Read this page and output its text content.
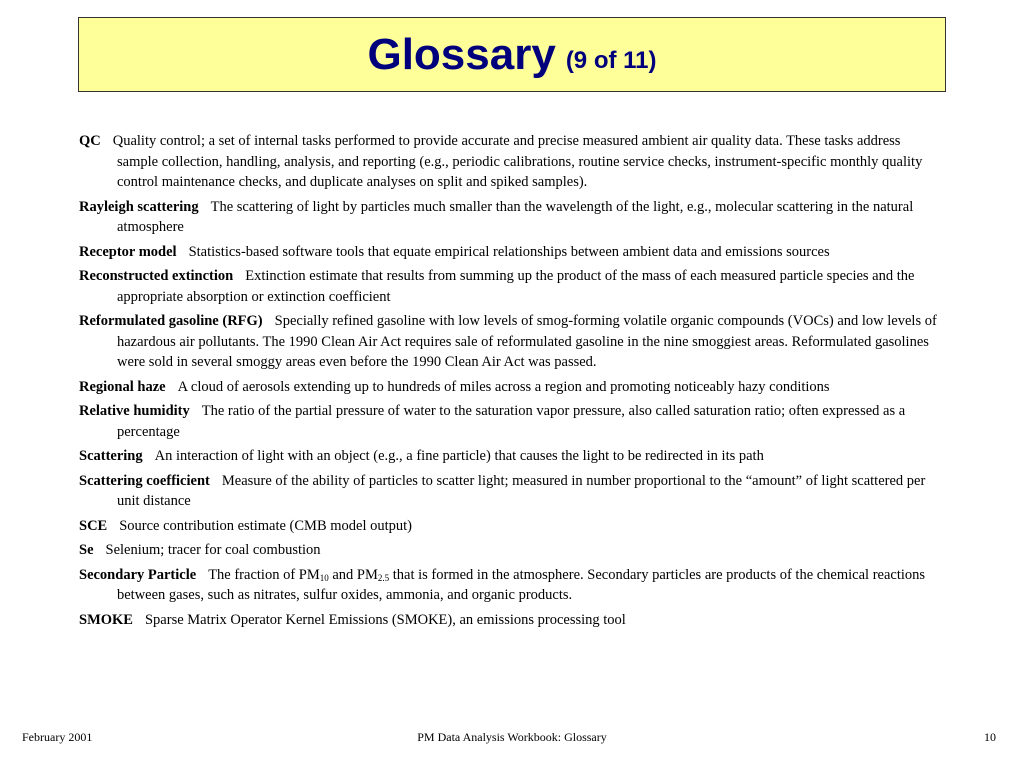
Glossary (9 of 11)
QC Quality control; a set of internal tasks performed to provide accurate and precise measured ambient air quality data. These tasks address sample collection, handling, analysis, and reporting (e.g., periodic calibrations, routine service checks, instrument-specific monthly quality control maintenance checks, and duplicate analyses on split and spiked samples).
Rayleigh scattering The scattering of light by particles much smaller than the wavelength of the light, e.g., molecular scattering in the natural atmosphere
Receptor model Statistics-based software tools that equate empirical relationships between ambient data and emissions sources
Reconstructed extinction Extinction estimate that results from summing up the product of the mass of each measured particle species and the appropriate absorption or extinction coefficient
Reformulated gasoline (RFG) Specially refined gasoline with low levels of smog-forming volatile organic compounds (VOCs) and low levels of hazardous air pollutants. The 1990 Clean Air Act requires sale of reformulated gasoline in the nine smoggiest areas. Reformulated gasolines were sold in several smoggy areas even before the 1990 Clean Air Act was passed.
Regional haze A cloud of aerosols extending up to hundreds of miles across a region and promoting noticeably hazy conditions
Relative humidity The ratio of the partial pressure of water to the saturation vapor pressure, also called saturation ratio; often expressed as a percentage
Scattering An interaction of light with an object (e.g., a fine particle) that causes the light to be redirected in its path
Scattering coefficient Measure of the ability of particles to scatter light; measured in number proportional to the “amount” of light scattered per unit distance
SCE Source contribution estimate (CMB model output)
Se Selenium; tracer for coal combustion
Secondary Particle The fraction of $PM_{10}$ and $PM_{2.5}$ that is formed in the atmosphere. Secondary particles are products of the chemical reactions between gases, such as nitrates, sulfur oxides, ammonia, and organic products.
SMOKE Sparse Matrix Operator Kernel Emissions (SMOKE), an emissions processing tool
February 2001	PM Data Analysis Workbook: Glossary	10
